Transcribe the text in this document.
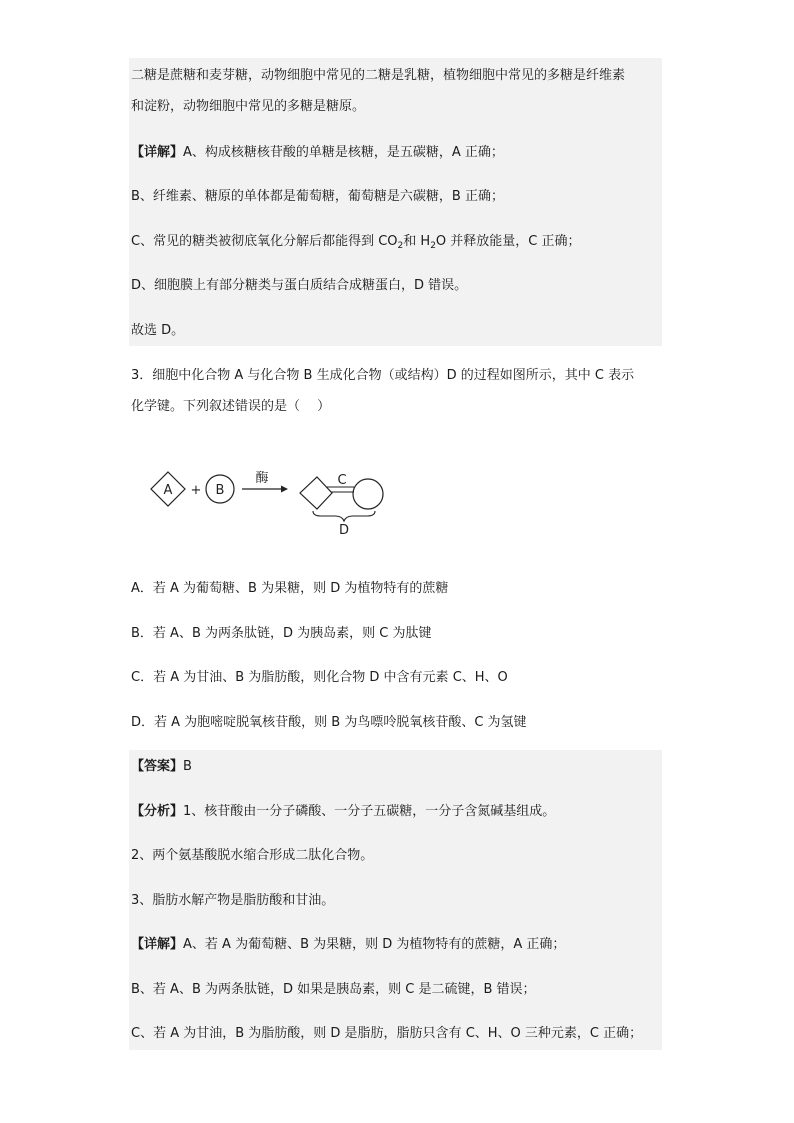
二糖是蔗糖和麦芽糖，动物细胞中常见的二糖是乳糖，植物细胞中常见的多糖是纤维素
和淀粉，动物细胞中常见的多糖是糖原。
【详解】A、构成核糖核苷酸的单糖是核糖，是五碳糖，A 正确；
B、纤维素、糖原的单体都是葡萄糖，葡萄糖是六碳糖，B 正确；
C、常见的糖类被彻底氧化分解后都能得到 $CO_2$和 $H_2O$ 并释放能量，C 正确；
D、细胞膜上有部分糖类与蛋白质结合成糖蛋白，D 错误。
故选 D。
3．细胞中化合物 A 与化合物 B 生成化合物（或结构）D 的过程如图所示，其中 C 表示
化学键。下列叙述错误的是（　 ）
A + B
酶	C
D
A．若 A 为葡萄糖、B 为果糖，则 D 为植物特有的蔗糖
B．若 A、B 为两条肽链，D 为胰岛素，则 C 为肽键
C．若 A 为甘油、B 为脂肪酸，则化合物 D 中含有元素 C、H、O
D．若 A 为胞嘧啶脱氧核苷酸，则 B 为鸟嘌呤脱氧核苷酸、C 为氢键
【答案】B
【分析】1、核苷酸由一分子磷酸、一分子五碳糖，一分子含氮碱基组成。
2、两个氨基酸脱水缩合形成二肽化合物。
3、脂肪水解产物是脂肪酸和甘油。
【详解】A、若 A 为葡萄糖、B 为果糖，则 D 为植物特有的蔗糖，A 正确；
B、若 A、B 为两条肽链，D 如果是胰岛素，则 C 是二硫键，B 错误；
C、若 A 为甘油，B 为脂肪酸，则 D 是脂肪，脂肪只含有 C、H、O 三种元素，C 正确；
